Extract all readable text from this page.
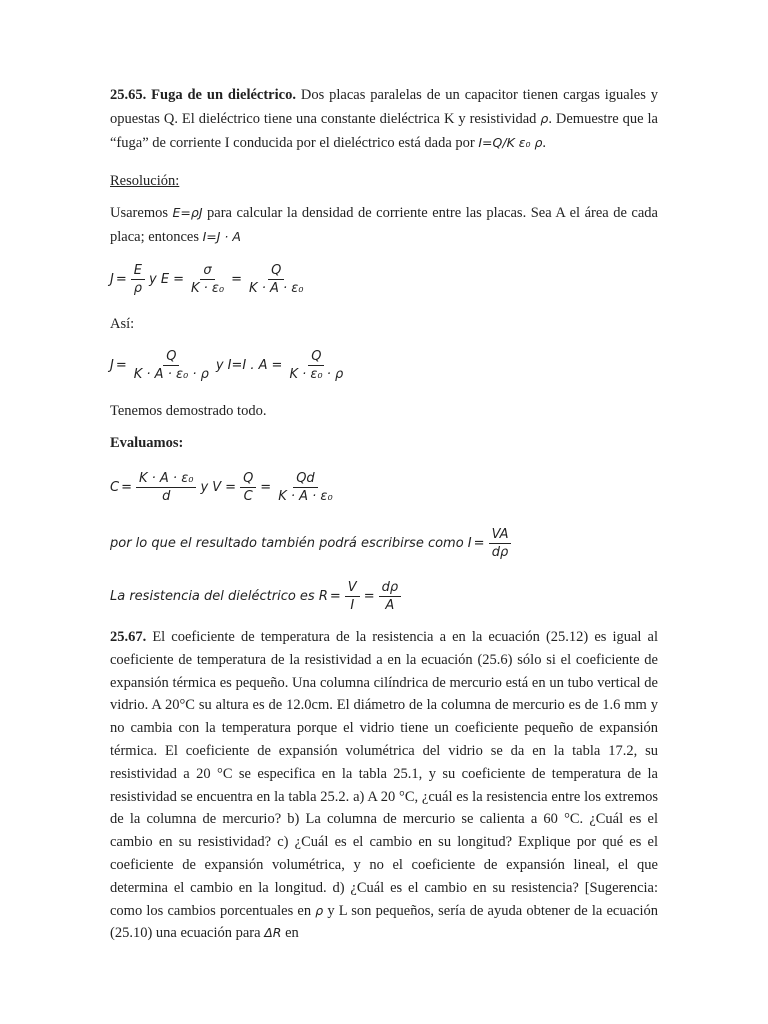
25.65. Fuga de un dieléctrico. Dos placas paralelas de un capacitor tienen cargas iguales y opuestas Q. El dieléctrico tiene una constante dieléctrica K y resistividad ρ. Demuestre que la “fuga” de corriente I conducida por el dieléctrico está dada por I=Q/K ε₀ ρ.
Resolución:
Usaremos E=ρJ para calcular la densidad de corriente entre las placas. Sea A el área de cada placa; entonces I=J · A
$J = \frac{E}{\rho}$ y $E = \frac{\sigma}{\text{K · ε₀}} = \frac{Q}{\text{K · A · ε₀}}$
Así:
$J = \frac{Q}{\text{K · A · ε₀ · ρ}}$ y I=I . $A = \frac{Q}{\text{K · ε₀ · ρ}}$
Tenemos demostrado todo.
Evaluamos:
$C = \frac{\text{K · A · ε₀}}{d}$ y $V = \frac{Q}{C} = \frac{Qd}{\text{K · A · ε₀}}$
por lo que el resultado también podrá escribirse como $I = \frac{VA}{d\rho}$
La resistencia del dieléctrico es $R = \frac{V}{I} = \frac{d\rho}{A}$
25.67. El coeficiente de temperatura de la resistencia a en la ecuación (25.12) es igual al coeficiente de temperatura de la resistividad a en la ecuación (25.6) sólo si el coeficiente de expansión térmica es pequeño. Una columna cilíndrica de mercurio está en un tubo vertical de vidrio. A 20°C su altura es de 12.0cm. El diámetro de la columna de mercurio es de 1.6 mm y no cambia con la temperatura porque el vidrio tiene un coeficiente pequeño de expansión térmica. El coeficiente de expansión volumétrica del vidrio se da en la tabla 17.2, su resistividad a 20 °C se especifica en la tabla 25.1, y su coeficiente de temperatura de la resistividad se encuentra en la tabla 25.2. a) A 20 °C, ¿cuál es la resistencia entre los extremos de la columna de mercurio? b) La columna de mercurio se calienta a 60 °C. ¿Cuál es el cambio en su resistividad? c) ¿Cuál es el cambio en su longitud? Explique por qué es el coeficiente de expansión volumétrica, y no el coeficiente de expansión lineal, el que determina el cambio en la longitud. d) ¿Cuál es el cambio en su resistencia? [Sugerencia: como los cambios porcentuales en ρ y L son pequeños, sería de ayuda obtener de la ecuación (25.10) una ecuación para ΔR en
